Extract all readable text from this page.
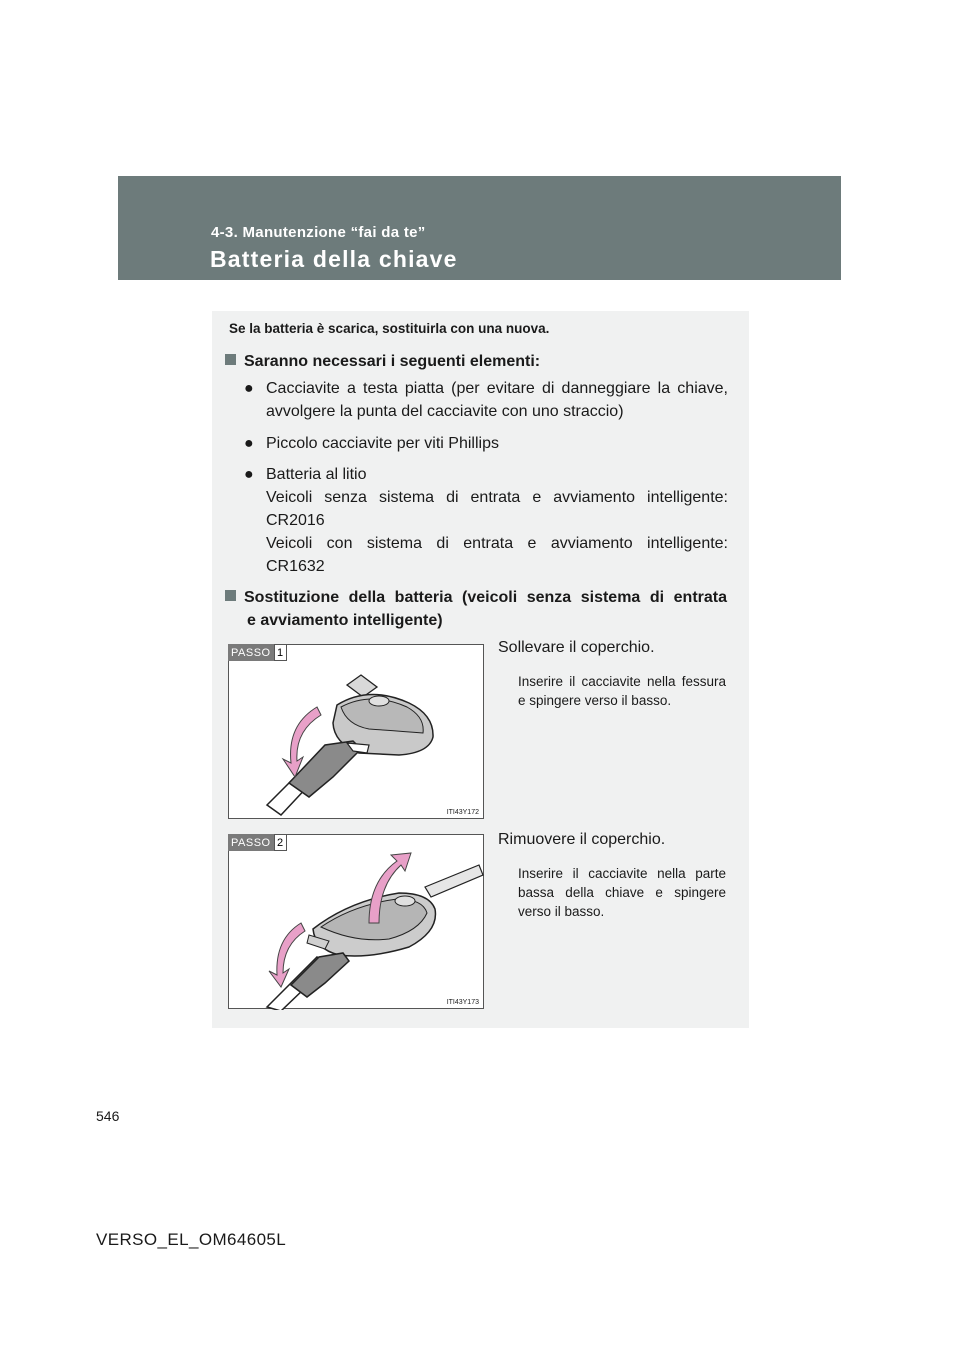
4-3. Manutenzione “fai da te”
Batteria della chiave
Se la batteria è scarica, sostituirla con una nuova.
Saranno necessari i seguenti elementi:
● Cacciavite a testa piatta (per evitare di danneggiare la chiave,
avvolgere la punta del cacciavite con uno straccio)
● Piccolo cacciavite per viti Phillips
● Batteria al litio
Veicoli senza sistema di entrata e avviamento intelligente:
CR2016
Veicoli con sistema di entrata e avviamento intelligente:
CR1632
Sostituzione della batteria (veicoli senza sistema di entrata
e avviamento intelligente)
PASSO 1
ITI43Y172
Sollevare il coperchio.
Inserire il cacciavite nella fessura e spingere verso il basso.
PASSO 2
ITI43Y173
Rimuovere il coperchio.
Inserire il cacciavite nella parte bassa della chiave e spingere verso il basso.
546
VERSO_EL_OM64605L
